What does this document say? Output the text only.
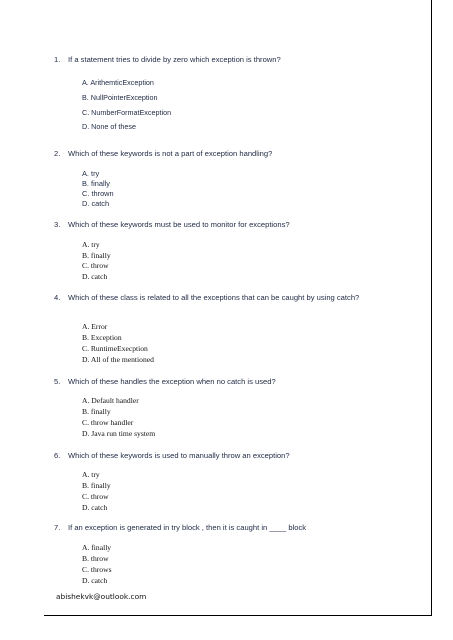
1. If a statement tries to divide by zero which exception is thrown?
A. ArithemticException
B. NullPointerException
C. NumberFormatException
D. None of these
2. Which of these keywords is not a part of exception handling?
A. try
B. finally
C. thrown
D. catch
3. Which of these keywords must be used to monitor for exceptions?
A. try
B. finally
C. throw
D. catch
4. Which of these class is related to all the exceptions that can be caught by using catch?
A. Error
B. Exception
C. RuntimeExecption
D. All of the mentioned
5. Which of these handles the exception when no catch is used?
A. Default handler
B. finally
C. throw handler
D. Java run time system
6. Which of these keywords is used to manually throw an exception?
A. try
B. finally
C. throw
D. catch
7. If an exception is generated in try block , then it is caught in ____ block
A. finally
B. throw
C. throws
D. catch
abishekvk@outlook.com
